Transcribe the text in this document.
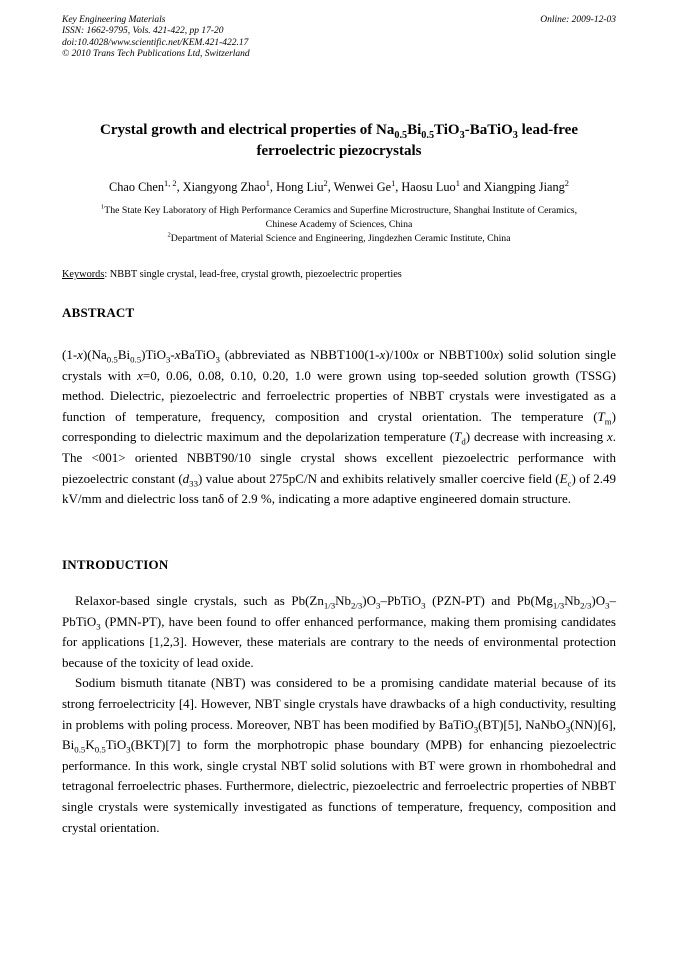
Key Engineering Materials
ISSN: 1662-9795, Vols. 421-422, pp 17-20
doi:10.4028/www.scientific.net/KEM.421-422.17
© 2010 Trans Tech Publications Ltd, Switzerland
Online: 2009-12-03
Crystal growth and electrical properties of $Na_{0.5}Bi_{0.5}TiO_3-BaTiO_3$ lead-free
ferroelectric piezocrystals
Chao Chen$^{1, 2}$, Xiangyong Zhao$^1$, Hong Liu$^2$, Wenwei Ge$^1$, Haosu Luo$^1$ and Xiangping Jiang$^2$
$^1$The State Key Laboratory of High Performance Ceramics and Superfine Microstructure, Shanghai Institute of Ceramics, Chinese Academy of Sciences, China
$^2$Department of Material Science and Engineering, Jingdezhen Ceramic Institute, China
Keywords: NBBT single crystal, lead-free, crystal growth, piezoelectric properties
ABSTRACT
$(1-x)(Na_{0.5}Bi_{0.5})TiO_3-xBaTiO_3$ (abbreviated as NBBT100(1-x)/100x or NBBT100x) solid solution single crystals with x=0, 0.06, 0.08, 0.10, 0.20, 1.0 were grown using top-seeded solution growth (TSSG) method. Dielectric, piezoelectric and ferroelectric properties of NBBT crystals were investigated as a function of temperature, frequency, composition and crystal orientation. The temperature $(T_m)$ corresponding to dielectric maximum and the depolarization temperature $(T_d)$ decrease with increasing x. The <001> oriented NBBT90/10 single crystal shows excellent piezoelectric performance with piezoelectric constant $(d_{33})$ value about 275pC/N and exhibits relatively smaller coercive field $(E_c)$ of 2.49 kV/mm and dielectric loss tanδ of 2.9 %, indicating a more adaptive engineered domain structure.
INTRODUCTION

Relaxor-based single crystals, such as $Pb(Zn_{1/3}Nb_{2/3})O_3-PbTiO_3$ (PZN-PT) and $Pb(Mg_{1/3}Nb_{2/3})O_3-PbTiO_3$ (PMN-PT), have been found to offer enhanced performance, making them promising candidates for applications [1,2,3]. However, these materials are contrary to the needs of environmental protection because of the toxicity of lead oxide.

Sodium bismuth titanate (NBT) was considered to be a promising candidate material because of its strong ferroelectricity [4]. However, NBT single crystals have drawbacks of a high conductivity, resulting in problems with poling process. Moreover, NBT has been modified by BaTiO$_3$(BT)[5], NaNbO$_3$(NN)[6], $Bi_{0.5}K_{0.5}TiO_3(BKT)[7]$ to form the morphotropic phase boundary (MPB) for enhancing piezoelectric performance. In this work, single crystal NBT solid solutions with BT were grown in rhombohedral and tetragonal ferroelectric phases. Furthermore, dielectric, piezoelectric and ferroelectric properties of NBBT single crystals were systemically investigated as functions of temperature, frequency, composition and crystal orientation.
